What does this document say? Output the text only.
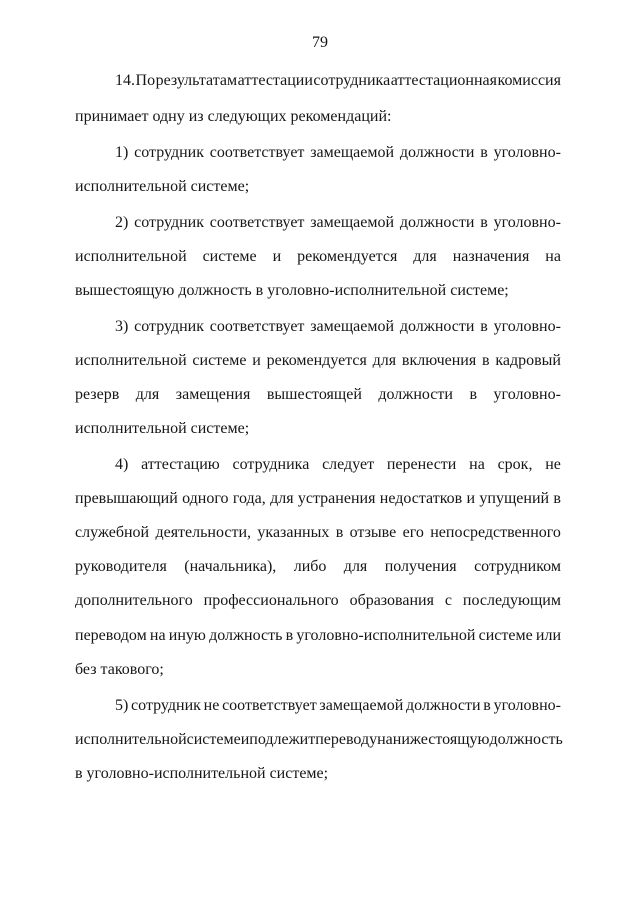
79
14. По результатам аттестации сотрудника аттестационная комиссия
принимает одну из следующих рекомендаций:
1) сотрудник соответствует замещаемой должности в уголовно-
исполнительной системе;
2) сотрудник соответствует замещаемой должности в уголовно-
исполнительной системе и рекомендуется для назначения на
вышестоящую должность в уголовно-исполнительной системе;
3) сотрудник соответствует замещаемой должности в уголовно-
исполнительной системе и рекомендуется для включения в кадровый
резерв для замещения вышестоящей должности в уголовно-
исполнительной системе;
4) аттестацию сотрудника следует перенести на срок, не
превышающий одного года, для устранения недостатков и упущений в
служебной деятельности, указанных в отзыве его непосредственного
руководителя (начальника), либо для получения сотрудником
дополнительного профессионального образования с последующим
переводом на иную должность в уголовно-исполнительной системе или
без такового;
5) сотрудник не соответствует замещаемой должности в уголовно-
исполнительной системе и подлежит переводу на нижестоящую должность
в уголовно-исполнительной системе;
